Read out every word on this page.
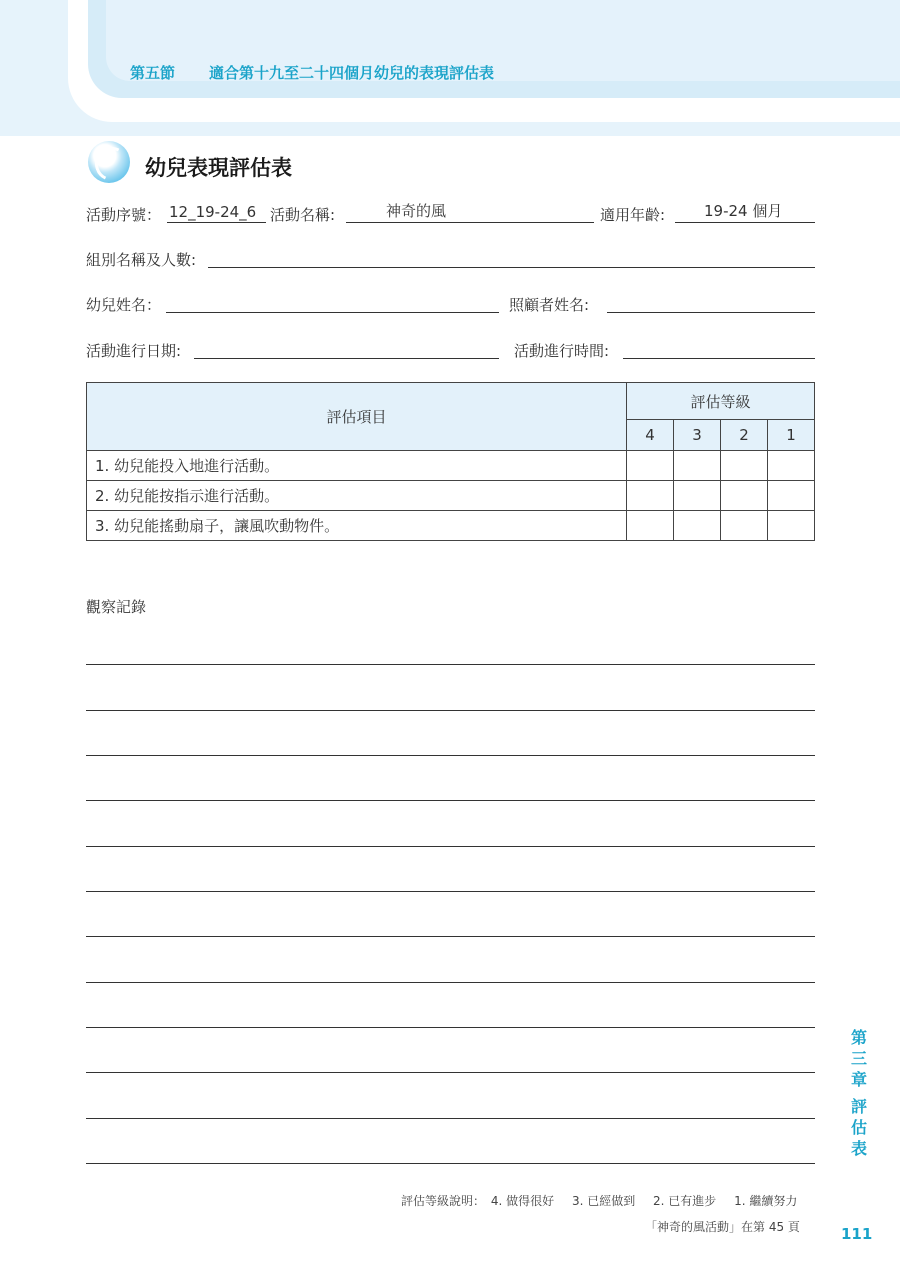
第五節 適合第十九至二十四個月幼兒的表現評估表
幼兒表現評估表
活動序號： 12_19-24_6 活動名稱:	神奇的風	適用年齡:	19-24 個月
組別名稱及人數:
幼兒姓名：	照顧者姓名:
活動進行日期:	活動進行時間:
評估項目	評估等級			
	4	3	2	1
1. 幼兒能投入地進行活動。				
2. 幼兒能按指示進行活動。				
3. 幼兒能搖動扇子，讓風吹動物件。				
觀察記錄
第
三
章
評
估
表
評估等級說明： 4. 做得很好 3. 已經做到 2. 已有進步 1. 繼續努力
「神奇的風活動」在第 45 頁	111
